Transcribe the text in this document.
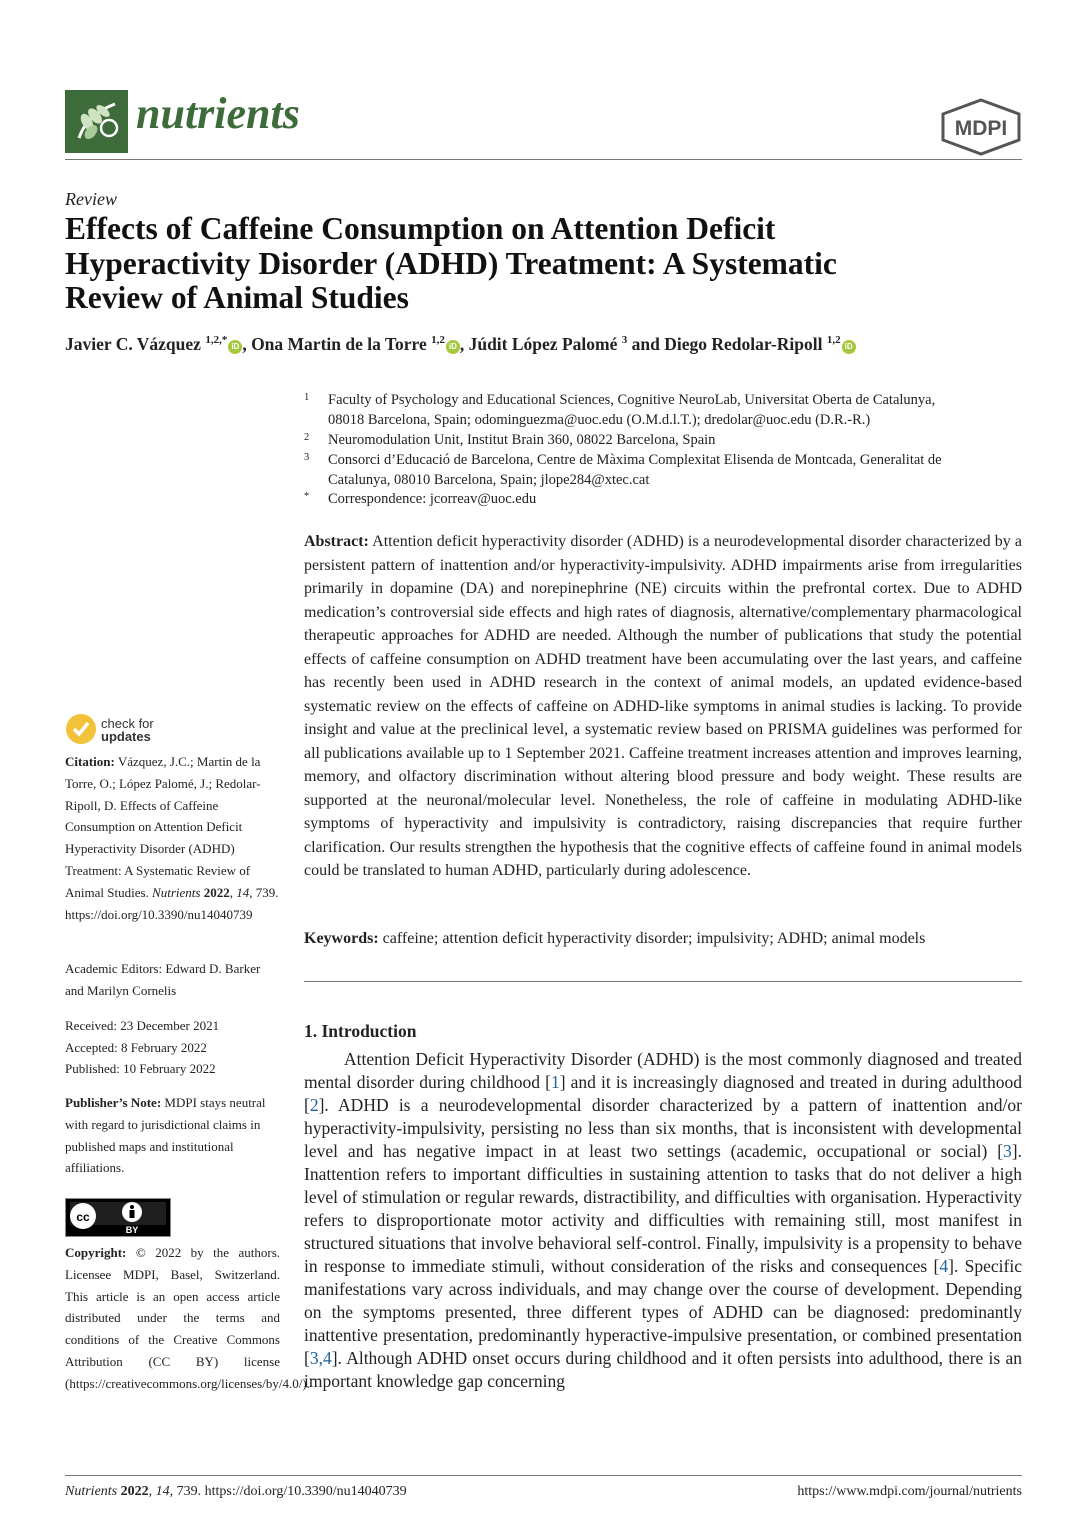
nutrients	MDPI
Review
Effects of Caffeine Consumption on Attention Deficit
Hyperactivity Disorder (ADHD) Treatment: A Systematic
Review of Animal Studies
Javier C. Vázquez $^{1,2,*}$iD , Ona Martin de la Torre $^{1,2}$iD , Júdit López Palomé $^3$ and Diego Redolar-Ripoll $^{1,2}$iD
1 Faculty of Psychology and Educational Sciences, Cognitive NeuroLab, Universitat Oberta de Catalunya,
08018 Barcelona, Spain; odominguezma@uoc.edu (O.M.d.l.T.); dredolar@uoc.edu (D.R.-R.)
2 Neuromodulation Unit, Institut Brain 360, 08022 Barcelona, Spain
3 Consorci d’Educació de Barcelona, Centre de Màxima Complexitat Elisenda de Montcada, Generalitat de
Catalunya, 08010 Barcelona, Spain; jlope284@xtec.cat
* Correspondence: jcorreav@uoc.edu
Abstract: Attention deficit hyperactivity disorder (ADHD) is a neurodevelopmental disorder characterized by a persistent pattern of inattention and/or hyperactivity-impulsivity. ADHD impairments arise from irregularities primarily in dopamine (DA) and norepinephrine (NE) circuits within the prefrontal cortex. Due to ADHD medication’s controversial side effects and high rates of diagnosis, alternative/complementary pharmacological therapeutic approaches for ADHD are needed. Although the number of publications that study the potential effects of caffeine consumption on ADHD treatment have been accumulating over the last years, and caffeine has recently been used in ADHD research in the context of animal models, an updated evidence-based systematic review on the effects of caffeine on ADHD-like symptoms in animal studies is lacking. To provide insight and value at the preclinical level, a systematic review based on PRISMA guidelines was performed for all publications available up to 1 September 2021. Caffeine treatment increases attention and improves learning, memory, and olfactory discrimination without altering blood pressure and body weight. These results are supported at the neuronal/molecular level. Nonetheless, the role of caffeine in modulating ADHD-like symptoms of hyperactivity and impulsivity is contradictory, raising discrepancies that require further clarification. Our results strengthen the hypothesis that the cognitive effects of caffeine found in animal models could be translated to human ADHD, particularly during adolescence.
Keywords: caffeine; attention deficit hyperactivity disorder; impulsivity; ADHD; animal models
1. Introduction
Attention Deficit Hyperactivity Disorder (ADHD) is the most commonly diagnosed and treated mental disorder during childhood [1] and it is increasingly diagnosed and treated in during adulthood [2]. ADHD is a neurodevelopmental disorder characterized by a pattern of inattention and/or hyperactivity-impulsivity, persisting no less than six months, that is inconsistent with developmental level and has negative impact in at least two settings (academic, occupational or social) [3]. Inattention refers to important difficulties in sustaining attention to tasks that do not deliver a high level of stimulation or regular rewards, distractibility, and difficulties with organisation. Hyperactivity refers to disproportionate motor activity and difficulties with remaining still, most manifest in structured situations that involve behavioral self-control. Finally, impulsivity is a propensity to behave in response to immediate stimuli, without consideration of the risks and consequences [4]. Specific manifestations vary across individuals, and may change over the course of development. Depending on the symptoms presented, three different types of ADHD can be diagnosed: predominantly inattentive presentation, predominantly hyperactive-impulsive presentation, or combined presentation [3,4]. Although ADHD onset occurs during childhood and it often persists into adulthood, there is an important knowledge gap concerning
check for
updates
Citation: Vázquez, J.C.; Martin de la Torre, O.; López Palomé, J.; Redolar-Ripoll, D. Effects of Caffeine Consumption on Attention Deficit Hyperactivity Disorder (ADHD) Treatment: A Systematic Review of Animal Studies. Nutrients 2022, 14, 739. https://doi.org/10.3390/nu14040739
Academic Editors: Edward D. Barker and Marilyn Cornelis
Received: 23 December 2021
Accepted: 8 February 2022
Published: 10 February 2022
Publisher’s Note: MDPI stays neutral with regard to jurisdictional claims in published maps and institutional affiliations.
cc
BY
Copyright: © 2022 by the authors. Licensee MDPI, Basel, Switzerland. This article is an open access article distributed under the terms and conditions of the Creative Commons Attribution (CC BY) license (https://creativecommons.org/licenses/by/4.0/).
Nutrients 2022, 14, 739. https://doi.org/10.3390/nu14040739	https://www.mdpi.com/journal/nutrients
